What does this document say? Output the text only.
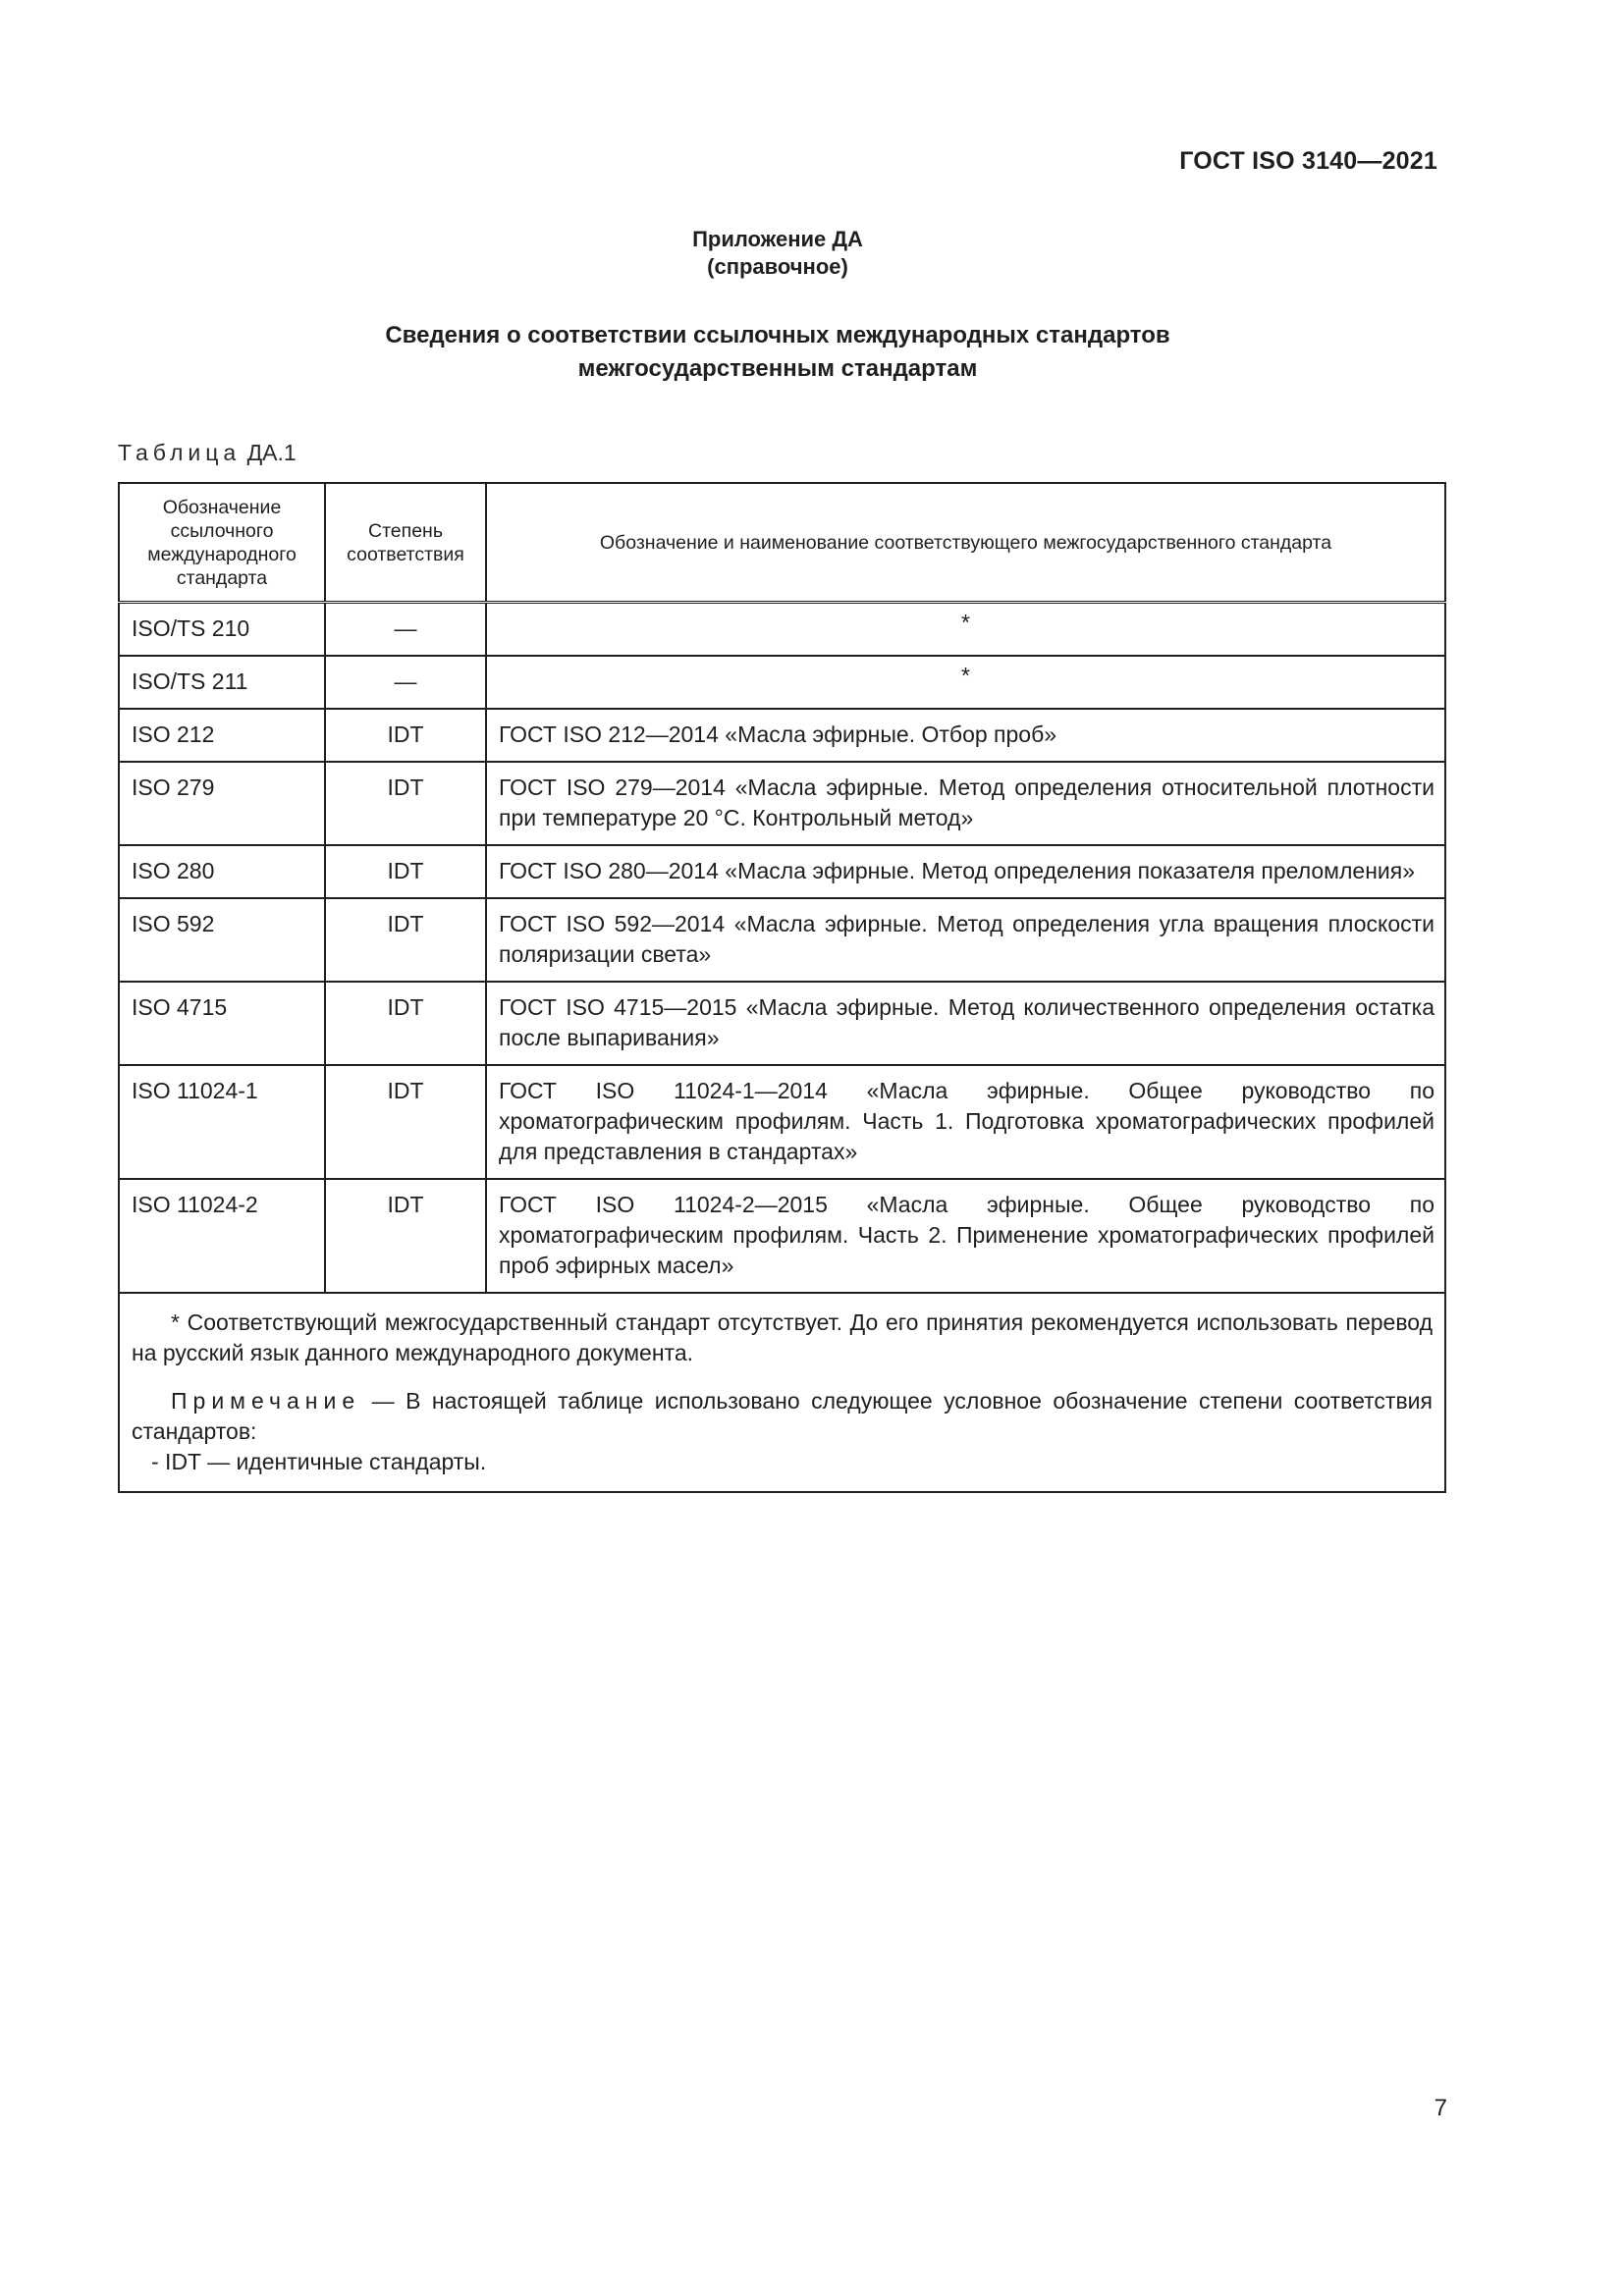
ГОСТ ISO 3140—2021
Приложение ДА
(справочное)
Сведения о соответствии ссылочных международных стандартов
межгосударственным стандартам
Таблица ДА.1
Обозначение ссылочного международного стандарта	Степень соответствия	Обозначение и наименование соответствующего межгосударственного стандарта
ISO/TS 210	—	*
ISO/TS 211	—	*
ISO 212	IDT	ГОСТ ISO 212—2014 «Масла эфирные. Отбор проб»
ISO 279	IDT	ГОСТ ISO 279—2014 «Масла эфирные. Метод определения относительной плотности при температуре 20 °C. Контрольный метод»
ISO 280	IDT	ГОСТ ISO 280—2014 «Масла эфирные. Метод определения показателя преломления»
ISO 592	IDT	ГОСТ ISO 592—2014 «Масла эфирные. Метод определения угла вращения плоскости поляризации света»
ISO 4715	IDT	ГОСТ ISO 4715—2015 «Масла эфирные. Метод количественного определения остатка после выпаривания»
ISO 11024-1	IDT	ГОСТ ISO 11024-1—2014 «Масла эфирные. Общее руководство по хроматографическим профилям. Часть 1. Подготовка хроматографических профилей для представления в стандартах»
ISO 11024-2	IDT	ГОСТ ISO 11024-2—2015 «Масла эфирные. Общее руководство по хроматографическим профилям. Часть 2. Применение хроматографических профилей проб эфирных масел»

* Соответствующий межгосударственный стандарт отсутствует. До его принятия рекомендуется использовать перевод на русский язык данного международного документа.

Примечание — В настоящей таблице использовано следующее условное обозначение степени соответствия стандартов:

- IDT — идентичные стандарты.		

7
